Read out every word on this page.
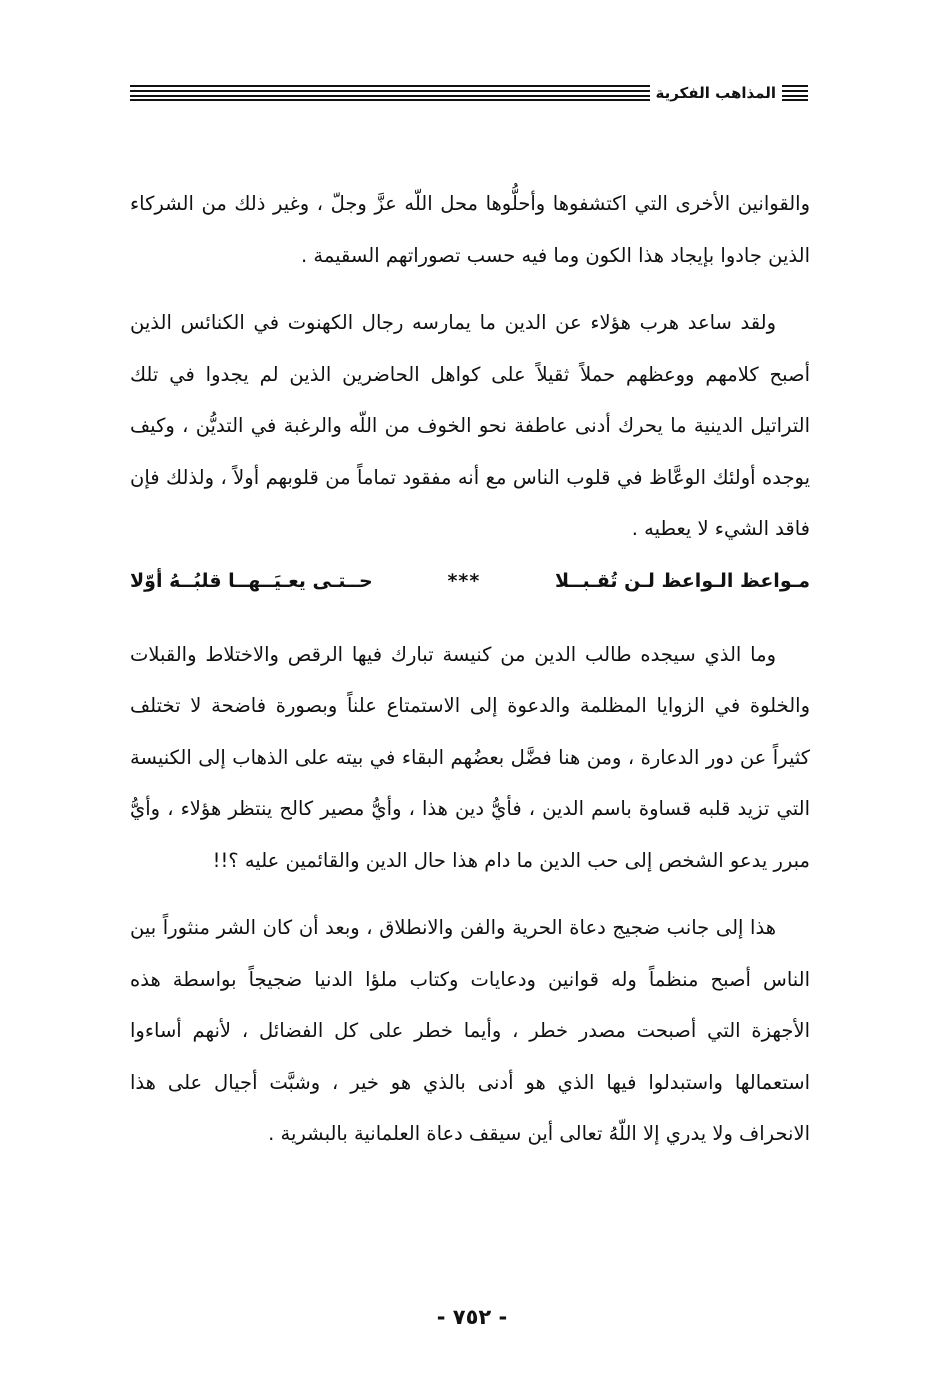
المذاهب الفكرية

والقوانين الأخرى التي اكتشفوها وأحلُّوها محل اللّه عزَّ وجلّ ، وغير ذلك من الشركاء الذين جادوا بإيجاد هذا الكون وما فيه حسب تصوراتهم السقيمة .

ولقد ساعد هرب هؤلاء عن الدين ما يمارسه رجال الكهنوت في الكنائس الذين أصبح كلامهم ووعظهم حملاً ثقيلاً على كواهل الحاضرين الذين لم يجدوا في تلك التراتيل الدينية ما يحرك أدنى عاطفة نحو الخوف من اللّه والرغبة في التديُّن ، وكيف يوجده أولئك الوعَّاظ في قلوب الناس مع أنه مفقود تماماً من قلوبهم أولاً ، ولذلك فإن فاقد الشيء لا يعطيه .

مـواعظ الـواعظ لـن تُقـبــلا
***
حــتـى يعـيَــهــا قلبُــهُ أوّلا

وما الذي سيجده طالب الدين من كنيسة تبارك فيها الرقص والاختلاط والقبلات والخلوة في الزوايا المظلمة والدعوة إلى الاستمتاع علناً وبصورة فاضحة لا تختلف كثيراً عن دور الدعارة ، ومن هنا فضَّل بعضُهم البقاء في بيته على الذهاب إلى الكنيسة التي تزيد قلبه قساوة باسم الدين ، فأيُّ دين هذا ، وأيُّ مصير كالح ينتظر هؤلاء ، وأيُّ مبرر يدعو الشخص إلى حب الدين ما دام هذا حال الدين والقائمين عليه ؟!!

هذا إلى جانب ضجيج دعاة الحرية والفن والانطلاق ، وبعد أن كان الشر منثوراً بين الناس أصبح منظماً وله قوانين ودعايات وكتاب ملؤا الدنيا ضجيجاً بواسطة هذه الأجهزة التي أصبحت مصدر خطر ، وأيما خطر على كل الفضائل ، لأنهم أساءوا استعمالها واستبدلوا فيها الذي هو أدنى بالذي هو خير ، وشبَّت أجيال على هذا الانحراف ولا يدري إلا اللّهُ تعالى أين سيقف دعاة العلمانية بالبشرية .

- ٧٥٢ -
